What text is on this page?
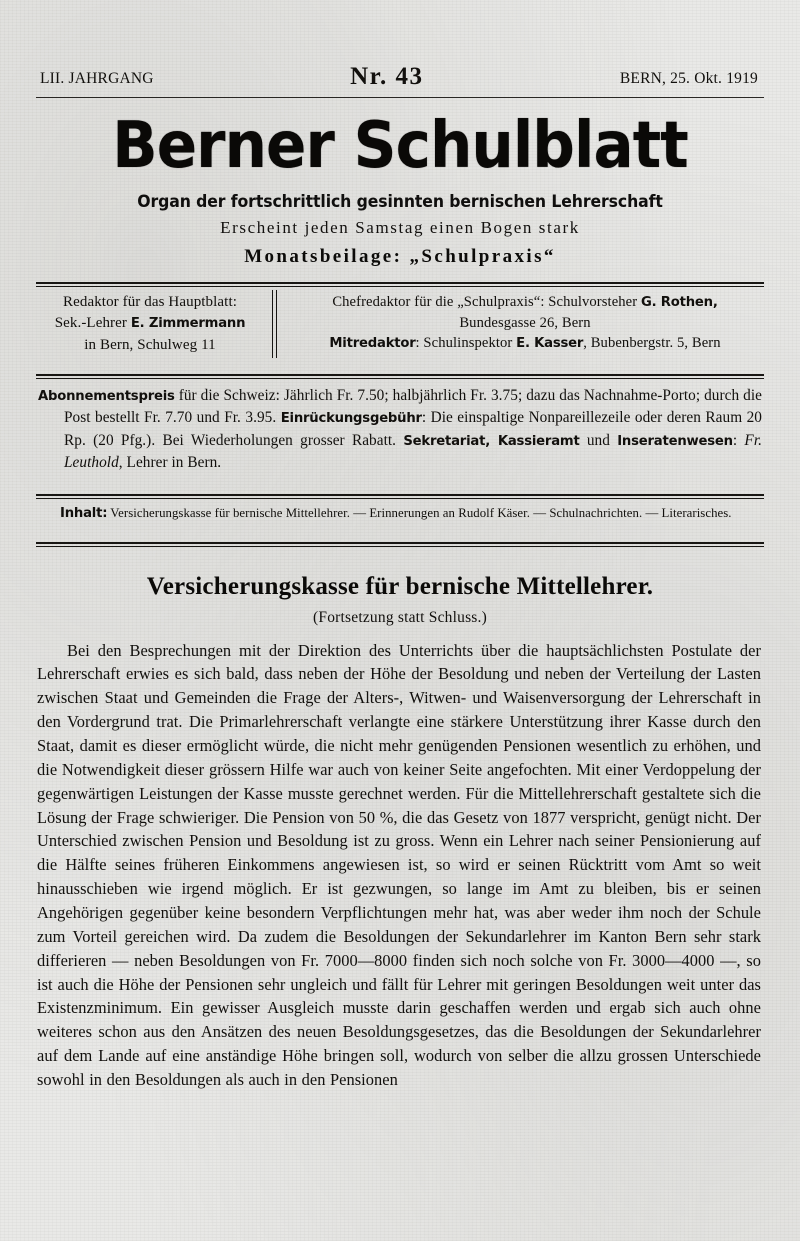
LII. JAHRGANG	Nr. 43	BERN, 25. Okt. 1919
Berner Schulblatt
Organ der fortschrittlich gesinnten bernischen Lehrerschaft
Erscheint jeden Samstag einen Bogen stark
Monatsbeilage: „Schulpraxis“
Redaktor für das Hauptblatt:
Sek.-Lehrer E. Zimmermann
in Bern, Schulweg 11
Chefredaktor für die „Schulpraxis“: Schulvorsteher G. Rothen,
Bundesgasse 26, Bern
Mitredaktor: Schulinspektor E. Kasser, Bubenbergstr. 5, Bern

Abonnementspreis für die Schweiz: Jährlich Fr. 7.50; halbjährlich Fr. 3.75; dazu das Nachnahme-Porto; durch die Post bestellt Fr. 7.70 und Fr. 3.95. Einrückungsgebühr: Die einspaltige Nonpareillezeile oder deren Raum 20 Rp. (20 Pfg.). Bei Wiederholungen grosser Rabatt. Sekretariat, Kassieramt und Inseratenwesen: Fr. Leuthold, Lehrer in Bern.

Inhalt: Versicherungskasse für bernische Mittellehrer. — Erinnerungen an Rudolf Käser. — Schulnachrichten. — Literarisches.

Versicherungskasse für bernische Mittellehrer.
(Fortsetzung statt Schluss.)

Bei den Besprechungen mit der Direktion des Unterrichts über die hauptsächlichsten Postulate der Lehrerschaft erwies es sich bald, dass neben der Höhe der Besoldung und neben der Verteilung der Lasten zwischen Staat und Gemeinden die Frage der Alters-, Witwen- und Waisenversorgung der Lehrerschaft in den Vordergrund trat. Die Primarlehrerschaft verlangte eine stärkere Unterstützung ihrer Kasse durch den Staat, damit es dieser ermöglicht würde, die nicht mehr genügenden Pensionen wesentlich zu erhöhen, und die Notwendigkeit dieser grössern Hilfe war auch von keiner Seite angefochten. Mit einer Verdoppelung der gegenwärtigen Leistungen der Kasse musste gerechnet werden. Für die Mittellehrerschaft gestaltete sich die Lösung der Frage schwieriger. Die Pension von 50 %, die das Gesetz von 1877 verspricht, genügt nicht. Der Unterschied zwischen Pension und Besoldung ist zu gross. Wenn ein Lehrer nach seiner Pensionierung auf die Hälfte seines früheren Einkommens angewiesen ist, so wird er seinen Rücktritt vom Amt so weit hinausschieben wie irgend möglich. Er ist gezwungen, so lange im Amt zu bleiben, bis er seinen Angehörigen gegenüber keine besondern Verpflichtungen mehr hat, was aber weder ihm noch der Schule zum Vorteil gereichen wird. Da zudem die Besoldungen der Sekundarlehrer im Kanton Bern sehr stark differieren — neben Besoldungen von Fr. 7000—8000 finden sich noch solche von Fr. 3000—4000 —, so ist auch die Höhe der Pensionen sehr ungleich und fällt für Lehrer mit geringen Besoldungen weit unter das Existenzminimum. Ein gewisser Ausgleich musste darin geschaffen werden und ergab sich auch ohne weiteres schon aus den Ansätzen des neuen Besoldungsgesetzes, das die Besoldungen der Sekundarlehrer auf dem Lande auf eine anständige Höhe bringen soll, wodurch von selber die allzu grossen Unterschiede sowohl in den Besoldungen als auch in den Pensionen
